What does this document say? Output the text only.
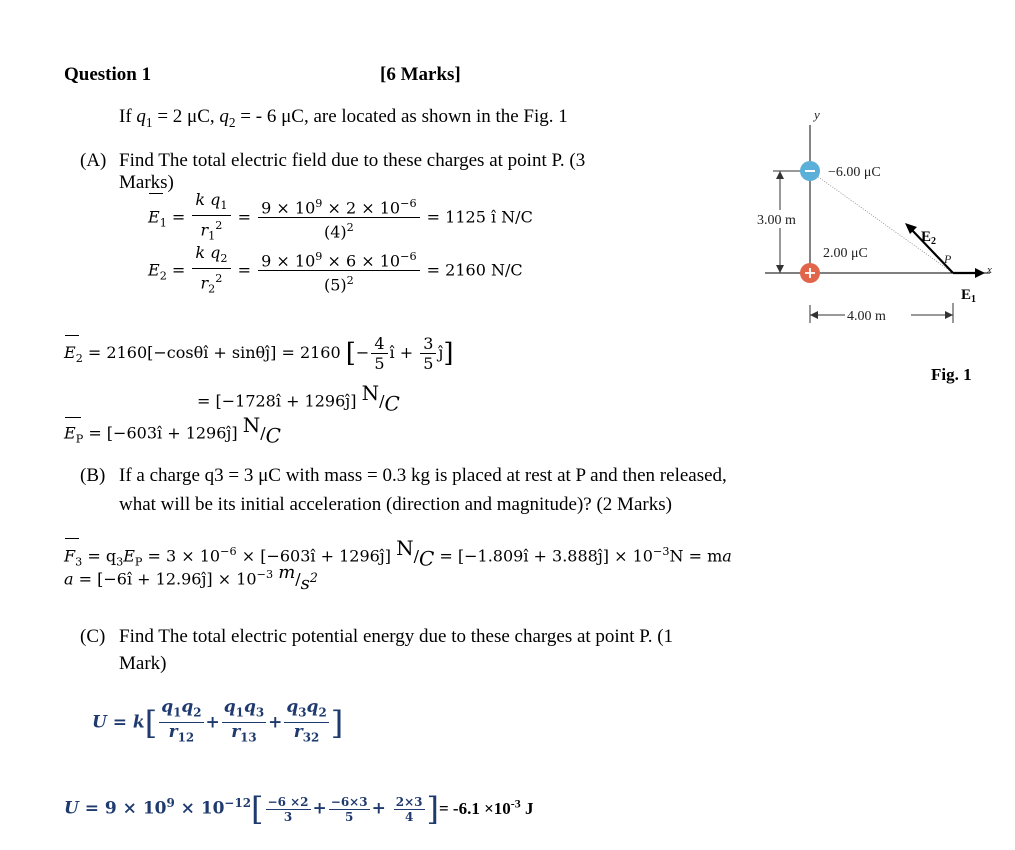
Question 1	[6 Marks]
If $q_1 = 2$ μC, $q_2$ = - 6 μC, are located as shown in the Fig. 1
(A) Find The total electric field due to these charges at point P. (3
Marks)
$E_1 = \frac{k q_1}{r_1^2} = \frac{9 \times 10^9 \times 2 \times 10^{-6}}{(4)^2} = 1125$ î N/C
$E_2 = \frac{k q_2}{r_2^2} = \frac{9 \times 10^9 \times 6 \times 10^{-6}}{(5)^2} = 2160$ N/C
$E_2$ = 2160[−cosθî + sinθĵ] = 2160 [− $\frac{4}{5}$ î + $\frac{3}{5}$ ĵ]
= [−1728î + 1296ĵ] $^N/_C$
$E_P$ = [−603î + 1296ĵ] $^N/_C$
(B) If a charge q3 = 3 μC with mass = 0.3 kg is placed at rest at P and then released,
what will be its initial acceleration (direction and magnitude)? (2 Marks)
$F_3 = q_3E_P = 3 \times 10^{-6}$ × [−603î + 1296ĵ] $^N/_C$ = [−1.809î + 3.888ĵ] × $10^{-3}N$ = ma
a = [−6î + 12.96ĵ] × $10^{-3}$ $^m/_{s^2}$
(C) Find The total electric potential energy due to these charges at point P. (1
Mark)
$U = k[ \frac{q_1q_2}{r_{12}} + \frac{q_1q_3}{r_{13}} + \frac{q_3q_2}{r_{32}}$ ]
$U = 9 \times 10^9 \times 10^{-12}[ \frac{-6 \times 2}{3} + \frac{-6\times 3}{5} + \frac{2\times 3}{4}$ ]= $-6.1 \times 10^{-3}$ J
y
x
3.00 m
4.00 m
−6.00 μC
2.00 μC	P
$E_1$
$E_2$
Fig. 1
